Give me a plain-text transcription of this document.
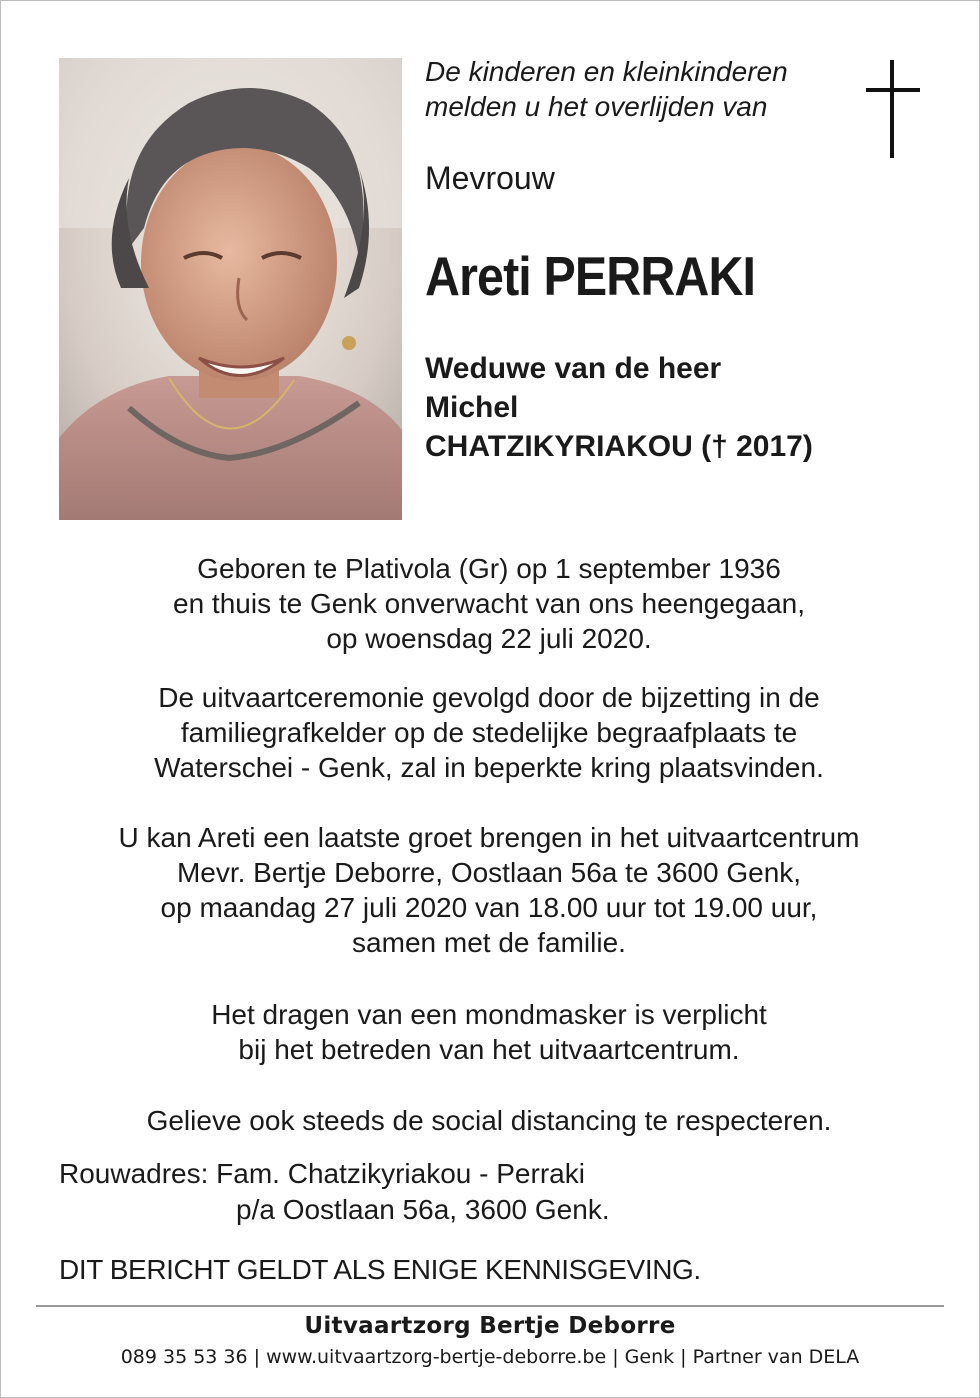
De kinderen en kleinkinderen
melden u het overlijden van
Mevrouw
Areti PERRAKI
Weduwe van de heer
Michel
CHATZIKYRIAKOU († 2017)
Geboren te Plativola (Gr) op 1 september 1936
en thuis te Genk onverwacht van ons heengegaan,
op woensdag 22 juli 2020.
De uitvaartceremonie gevolgd door de bijzetting in de
familiegrafkelder op de stedelijke begraafplaats te
Waterschei - Genk, zal in beperkte kring plaatsvinden.
U kan Areti een laatste groet brengen in het uitvaartcentrum
Mevr. Bertje Deborre, Oostlaan 56a te 3600 Genk,
op maandag 27 juli 2020 van 18.00 uur tot 19.00 uur,
samen met de familie.
Het dragen van een mondmasker is verplicht
bij het betreden van het uitvaartcentrum.
Gelieve ook steeds de social distancing te respecteren.
Rouwadres: Fam. Chatzikyriakou - Perraki
p/a Oostlaan 56a, 3600 Genk.
DIT BERICHT GELDT ALS ENIGE KENNISGEVING.
Uitvaartzorg Bertje Deborre
089 35 53 36 | www.uitvaartzorg-bertje-deborre.be | Genk | Partner van DELA
